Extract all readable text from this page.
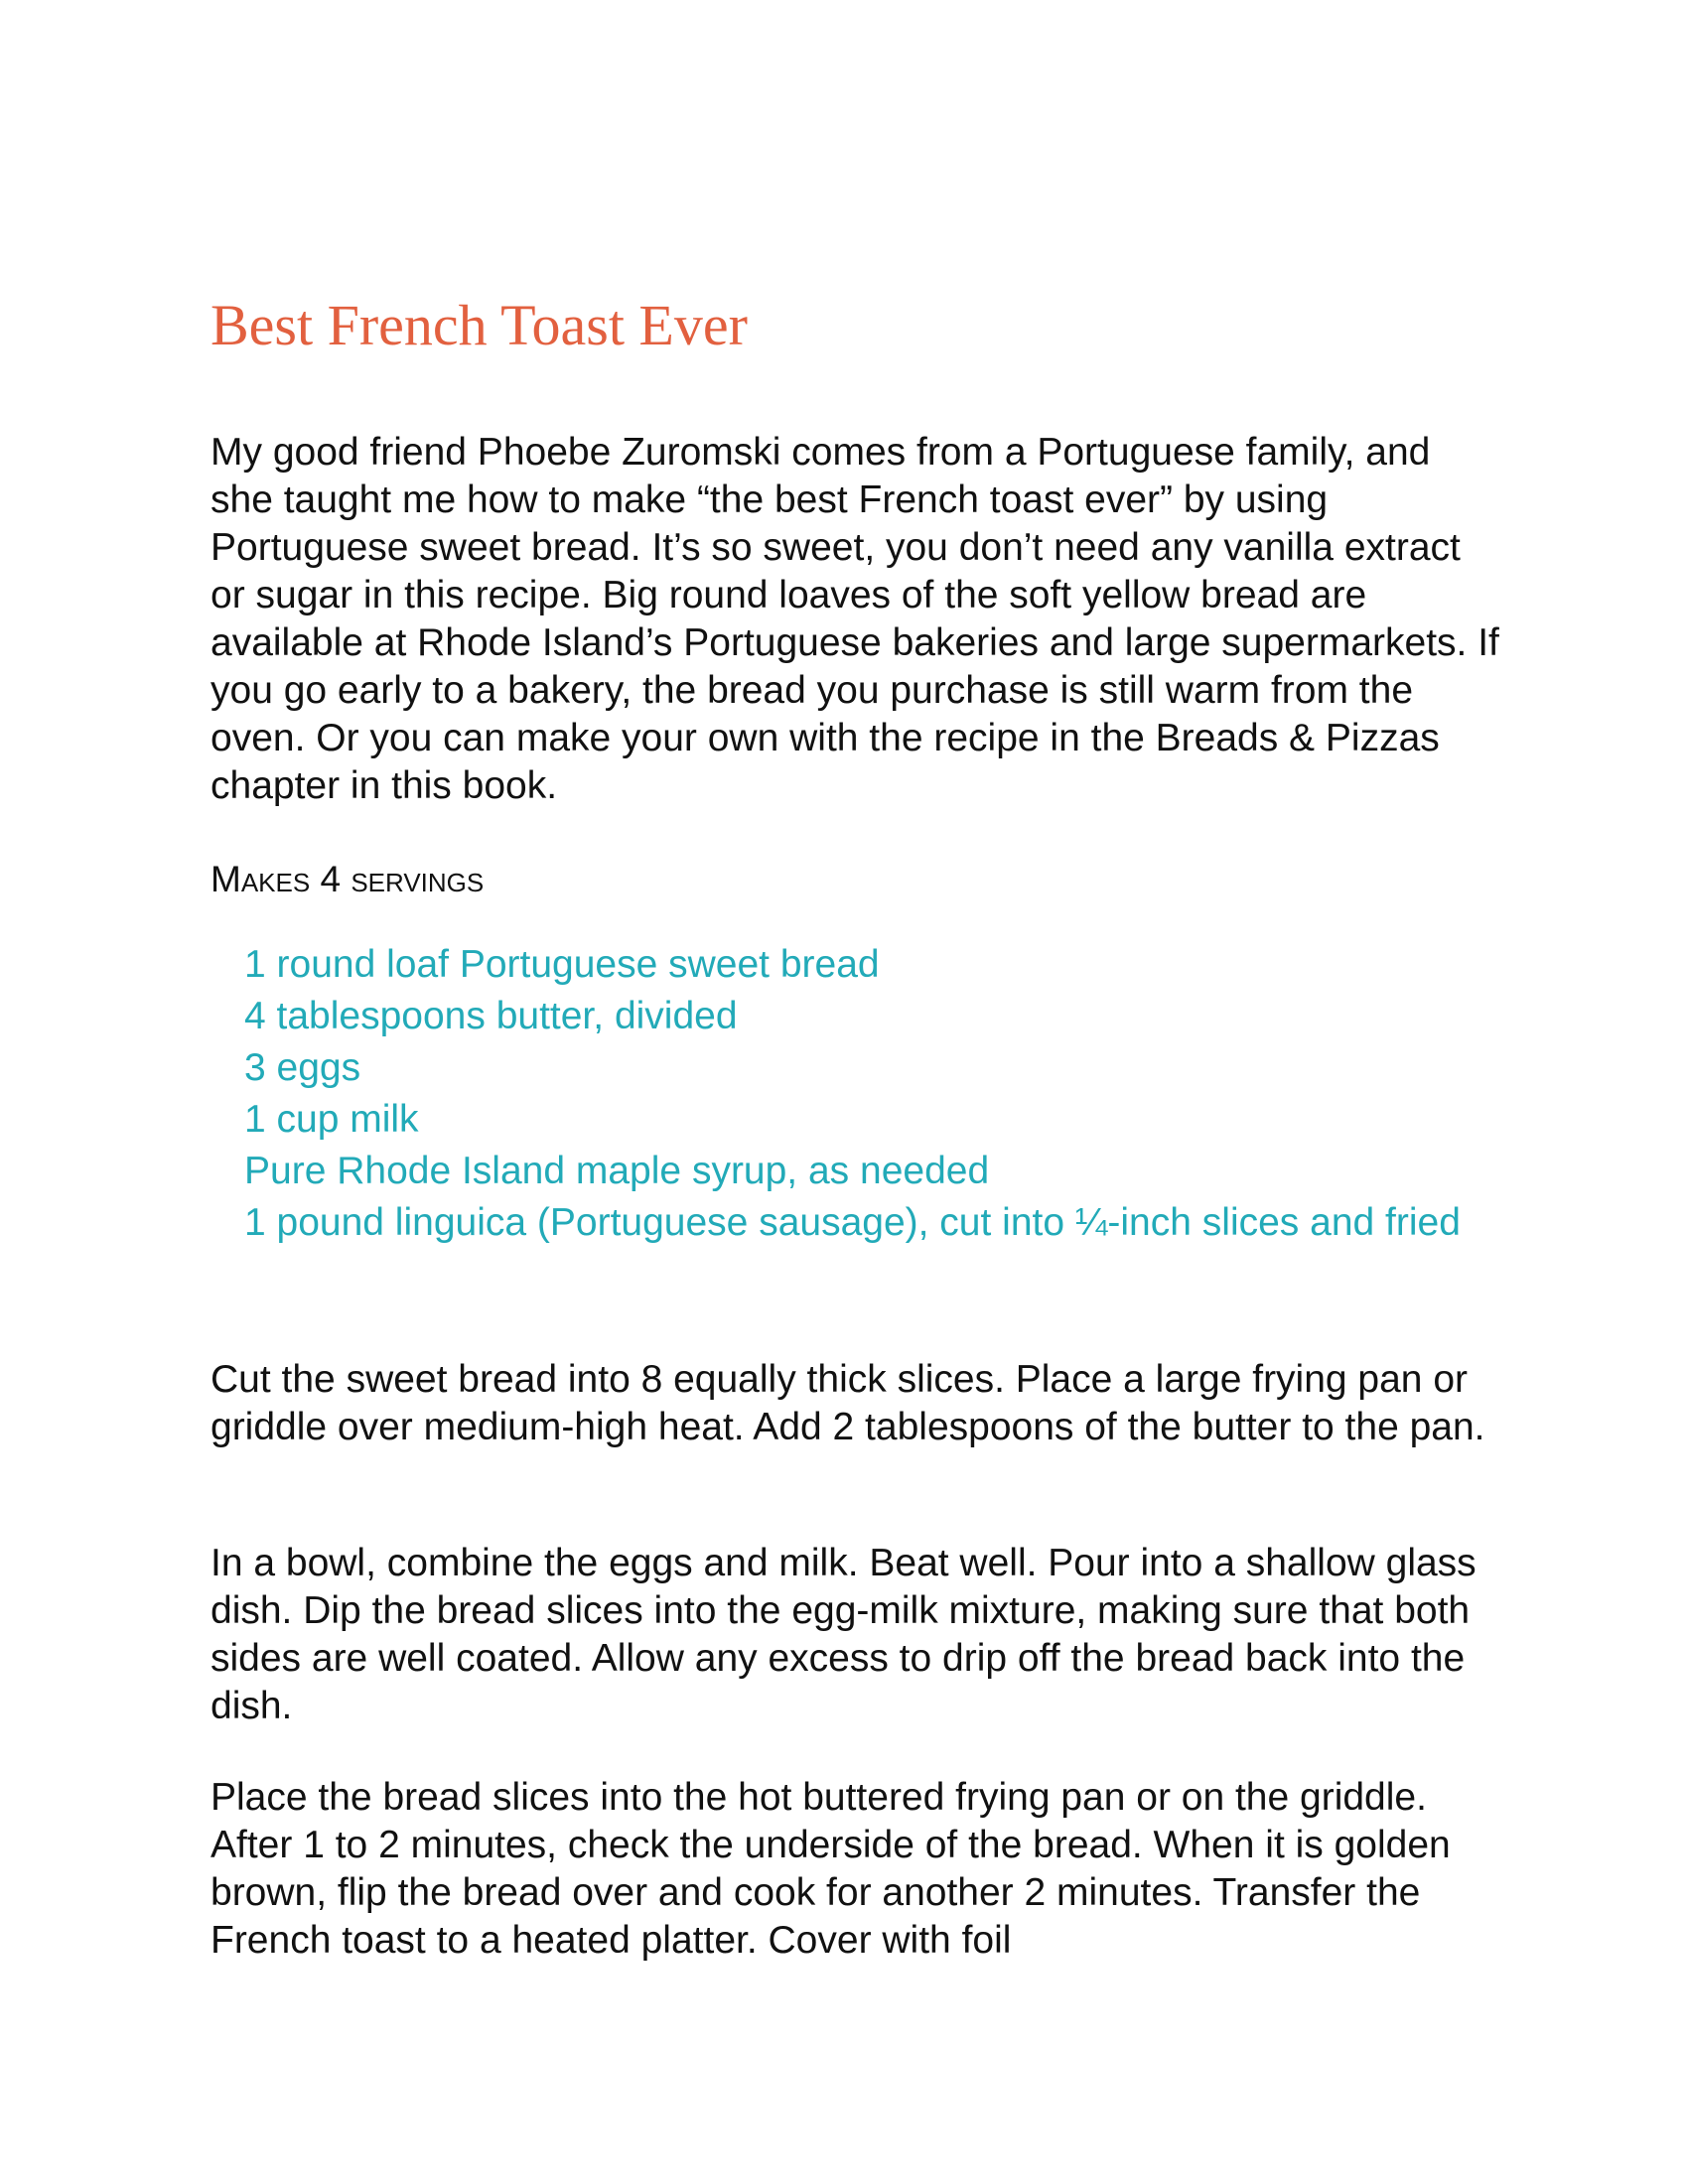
Best French Toast Ever

My good friend Phoebe Zuromski comes from a Portuguese family, and she taught me how to make “the best French toast ever” by using Portuguese sweet bread. It’s so sweet, you don’t need any vanilla extract or sugar in this recipe. Big round loaves of the soft yellow bread are available at Rhode Island’s Portuguese bakeries and large supermarkets. If you go early to a bakery, the bread you purchase is still warm from the oven. Or you can make your own with the recipe in the Breads & Pizzas chapter in this book.

Makes 4 servings

1 round loaf Portuguese sweet bread
4 tablespoons butter, divided
3 eggs
1 cup milk
Pure Rhode Island maple syrup, as needed
1 pound linguica (Portuguese sausage), cut into ¼-inch slices and fried

Cut the sweet bread into 8 equally thick slices. Place a large frying pan or griddle over medium-high heat. Add 2 tablespoons of the butter to the pan.

In a bowl, combine the eggs and milk. Beat well. Pour into a shallow glass dish. Dip the bread slices into the egg-milk mixture, making sure that both sides are well coated. Allow any excess to drip off the bread back into the dish.

Place the bread slices into the hot buttered frying pan or on the griddle. After 1 to 2 minutes, check the underside of the bread. When it is golden brown, flip the bread over and cook for another 2 minutes. Transfer the French toast to a heated platter. Cover with foil
